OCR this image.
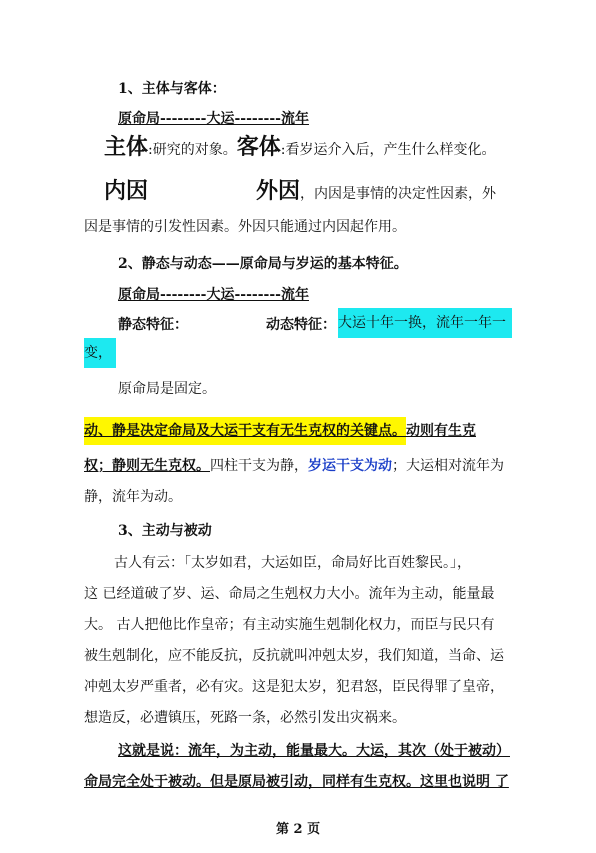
1、主体与客体：
原命局--------大运--------流年
主体:研究的对象。客体:看岁运介入后，产生什么样变化。
内因	外因，内因是事情的决定性因素，外
因是事情的引发性因素。外因只能通过内因起作用。
2、静态与动态——原命局与岁运的基本特征。
原命局--------大运--------流年
静态特征：	动态特征： 大运十年一换，流年一年一
变，
原命局是固定。
动、静是决定命局及大运干支有无生克权的关键点。动则有生克
权；静则无生克权。四柱干支为静，岁运干支为动；大运相对流年为
静，流年为动。
3、主动与被动
古人有云：「太岁如君，大运如臣，命局好比百姓黎民。」，
这 已经道破了岁、运、命局之生剋权力大小。流年为主动，能量最
大。 古人把他比作皇帝；有主动实施生剋制化权力，而臣与民只有
被生剋制化，应不能反抗，反抗就叫冲剋太岁，我们知道，当命、运
冲剋太岁严重者，必有灾。这是犯太岁，犯君怒，臣民得罪了皇帝，
想造反，必遭镇压，死路一条，必然引发出灾祸来。
这就是说：流年，为主动，能量最大。大运，其次（处于被动）
命局完全处于被动。但是原局被引动，同样有生克权。这里也说明 了
第 2 页
